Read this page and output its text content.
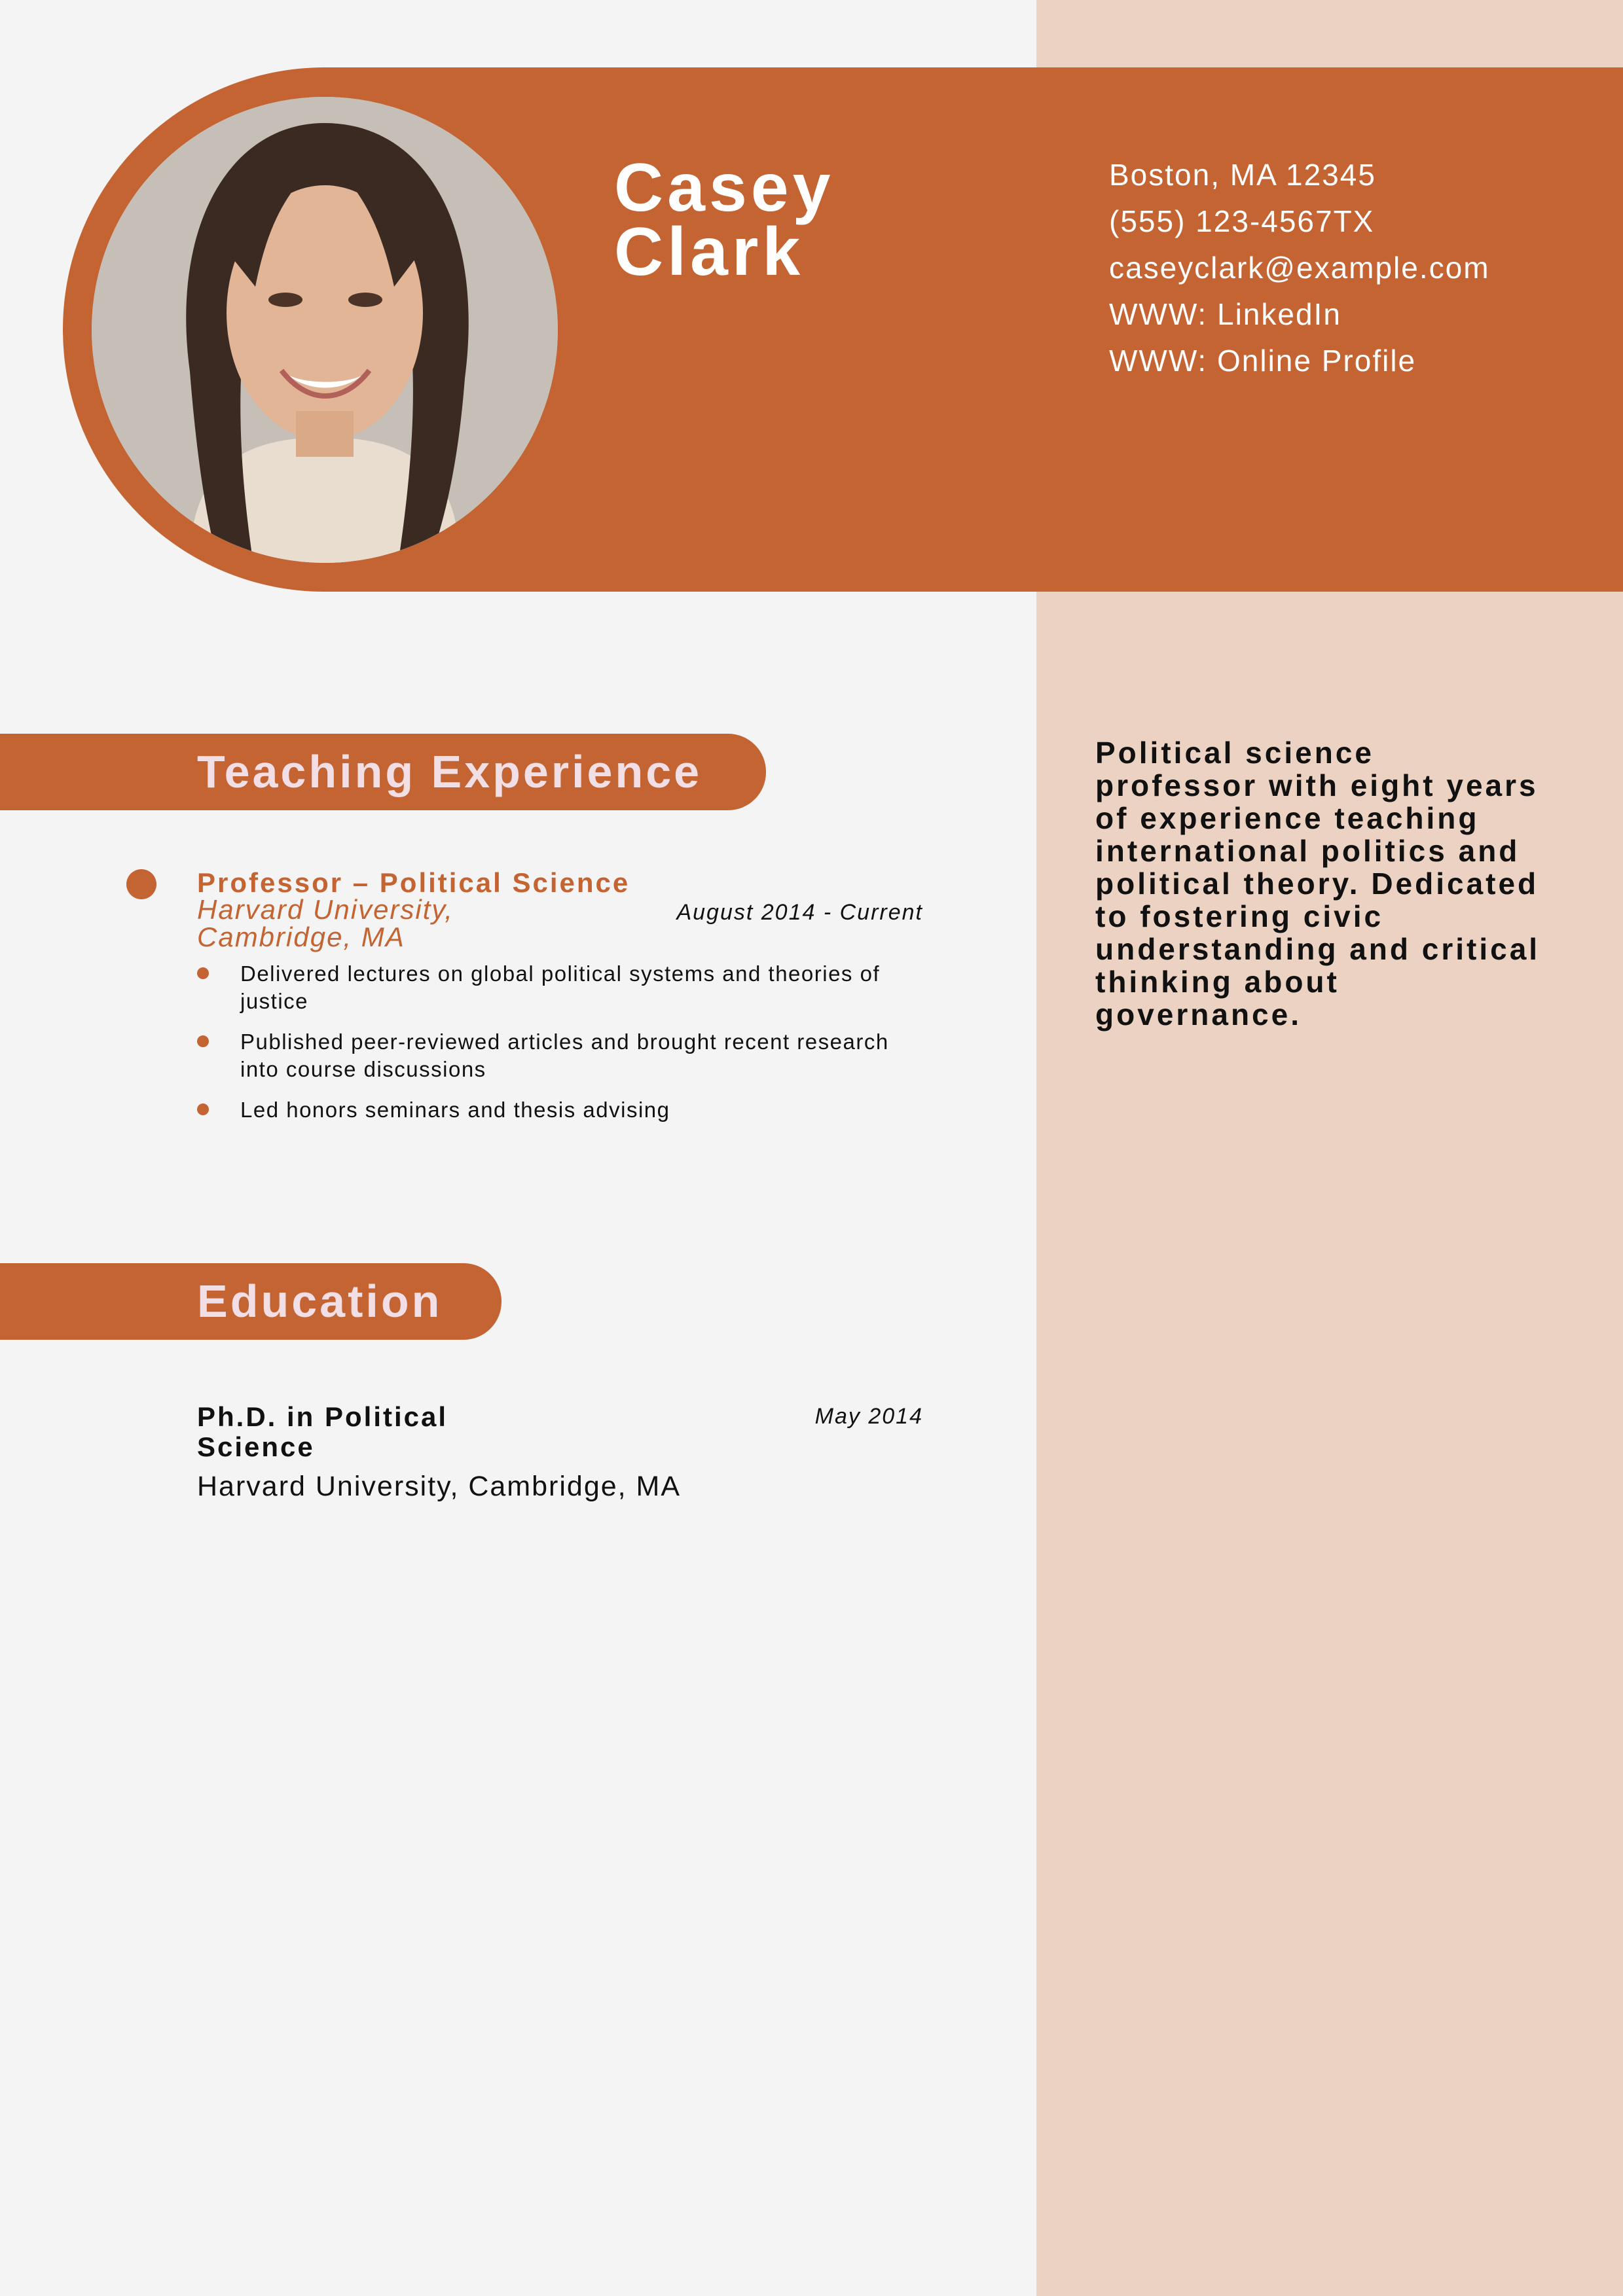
Casey
Clark
Boston, MA 12345
(555) 123-4567TX
caseyclark@example.com
WWW: LinkedIn
WWW: Online Profile
Teaching Experience

Professor – Political Science

Harvard University,
Cambridge, MA

August 2014 - Current

Delivered lectures on global political systems and theories of justice
Published peer-reviewed articles and brought recent research into course discussions
Led honors seminars and thesis advising
Education

Ph.D. in Political Science

May 2014

Harvard University, Cambridge, MA

Political science professor with eight years of experience teaching international politics and political theory. Dedicated to fostering civic understanding and critical thinking about governance.
